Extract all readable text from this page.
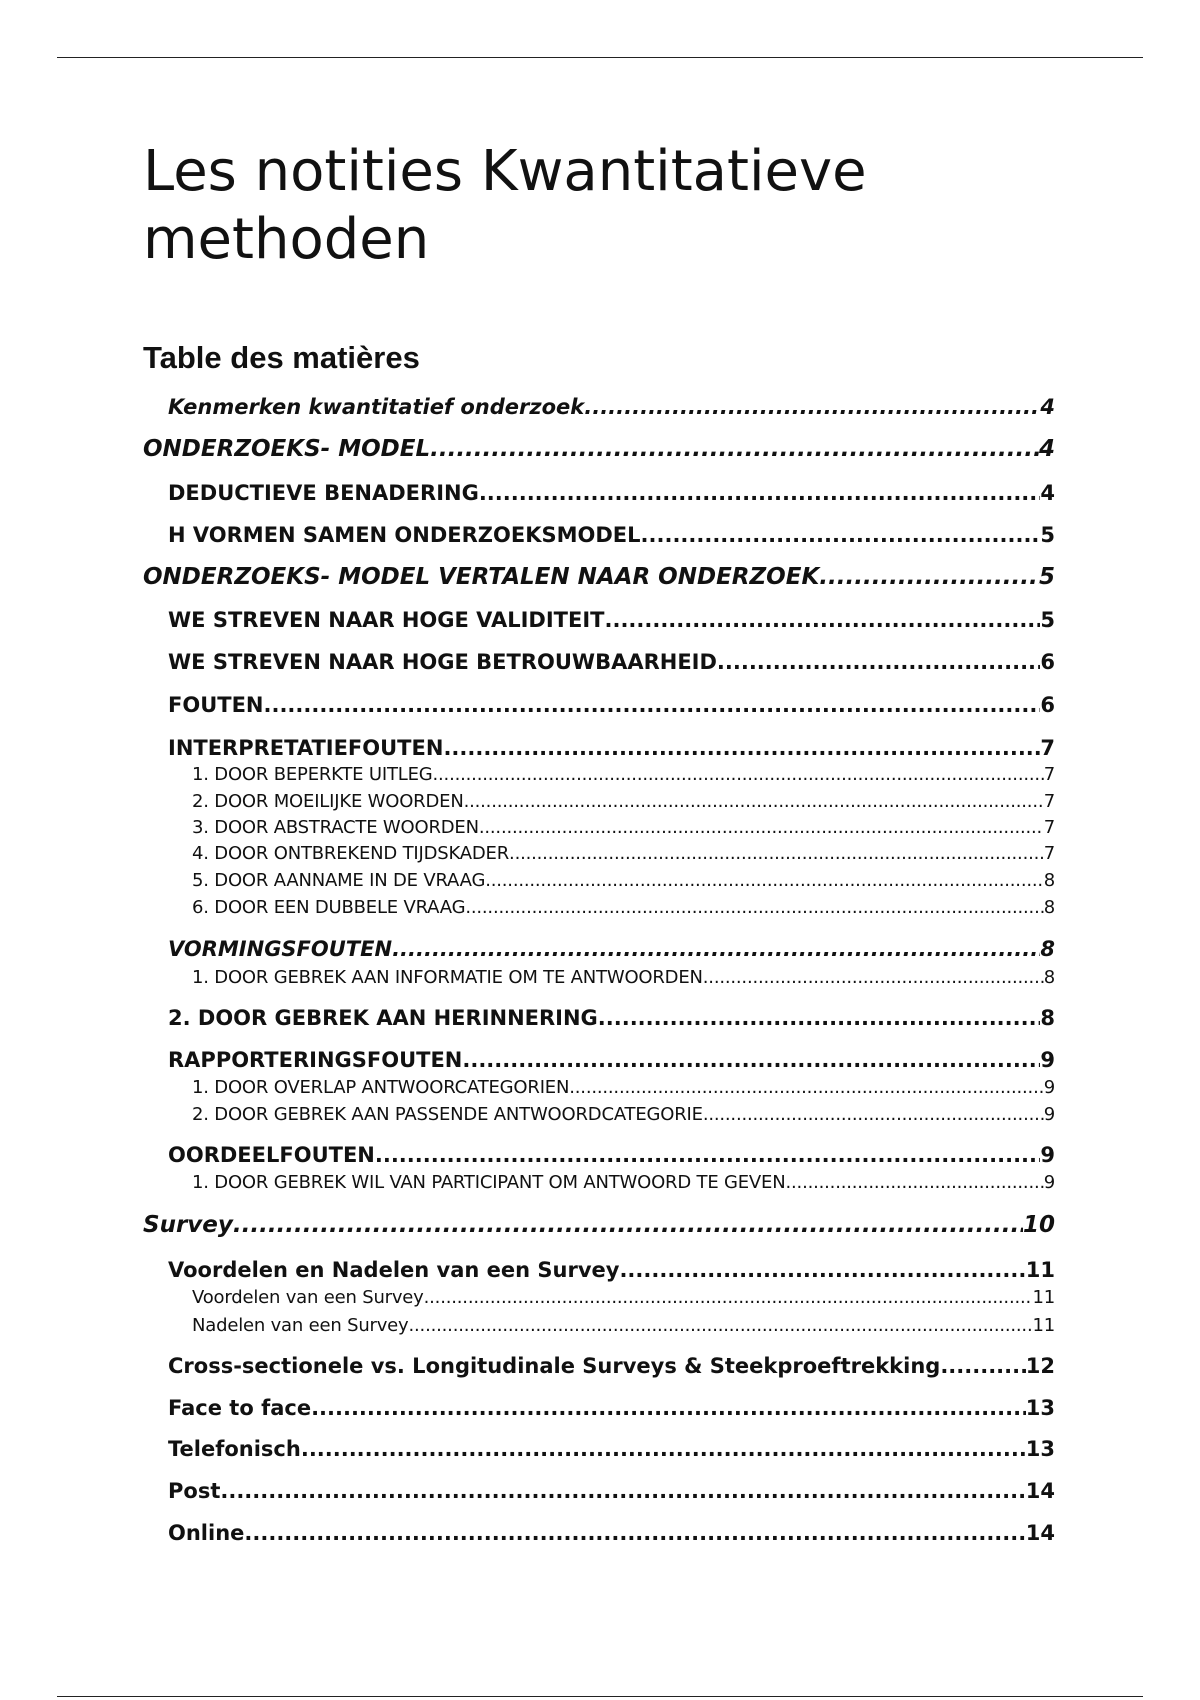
Les notities Kwantitatieve methoden
Table des matières
Kenmerken kwantitatief onderzoek .....	4
ONDERZOEKS- MODEL .....	4
DEDUCTIEVE BENADERING .....	4
H VORMEN SAMEN ONDERZOEKSMODEL .....	5
ONDERZOEKS- MODEL VERTALEN NAAR ONDERZOEK .....	5
WE STREVEN NAAR HOGE VALIDITEIT .....	5
WE STREVEN NAAR HOGE BETROUWBAARHEID .....	6
FOUTEN .....	6
INTERPRETATIEFOUTEN .....	7
1. DOOR BEPERKTE UITLEG .....	7
2. DOOR MOEILIJKE WOORDEN .....	7
3. DOOR ABSTRACTE WOORDEN .....	7
4. DOOR ONTBREKEND TIJDSKADER .....	7
5. DOOR AANNAME IN DE VRAAG .....	8
6. DOOR EEN DUBBELE VRAAG .....	8
VORMINGSFOUTEN .....	8
1. DOOR GEBREK AAN INFORMATIE OM TE ANTWOORDEN .....	8
2. DOOR GEBREK AAN HERINNERING .....	8
RAPPORTERINGSFOUTEN .....	9
1. DOOR OVERLAP ANTWOORCATEGORIEN .....	9
2. DOOR GEBREK AAN PASSENDE ANTWOORDCATEGORIE .....	9
OORDEELFOUTEN .....	9
1. DOOR GEBREK WIL VAN PARTICIPANT OM ANTWOORD TE GEVEN .....	9
Survey .....	10
Voordelen en Nadelen van een Survey .....	11
Voordelen van een Survey .....	11
Nadelen van een Survey .....	11
Cross-sectionele vs. Longitudinale Surveys & Steekproeftrekking .....	12
Face to face .....	13
Telefonisch .....	13
Post .....	14
Online .....	14
